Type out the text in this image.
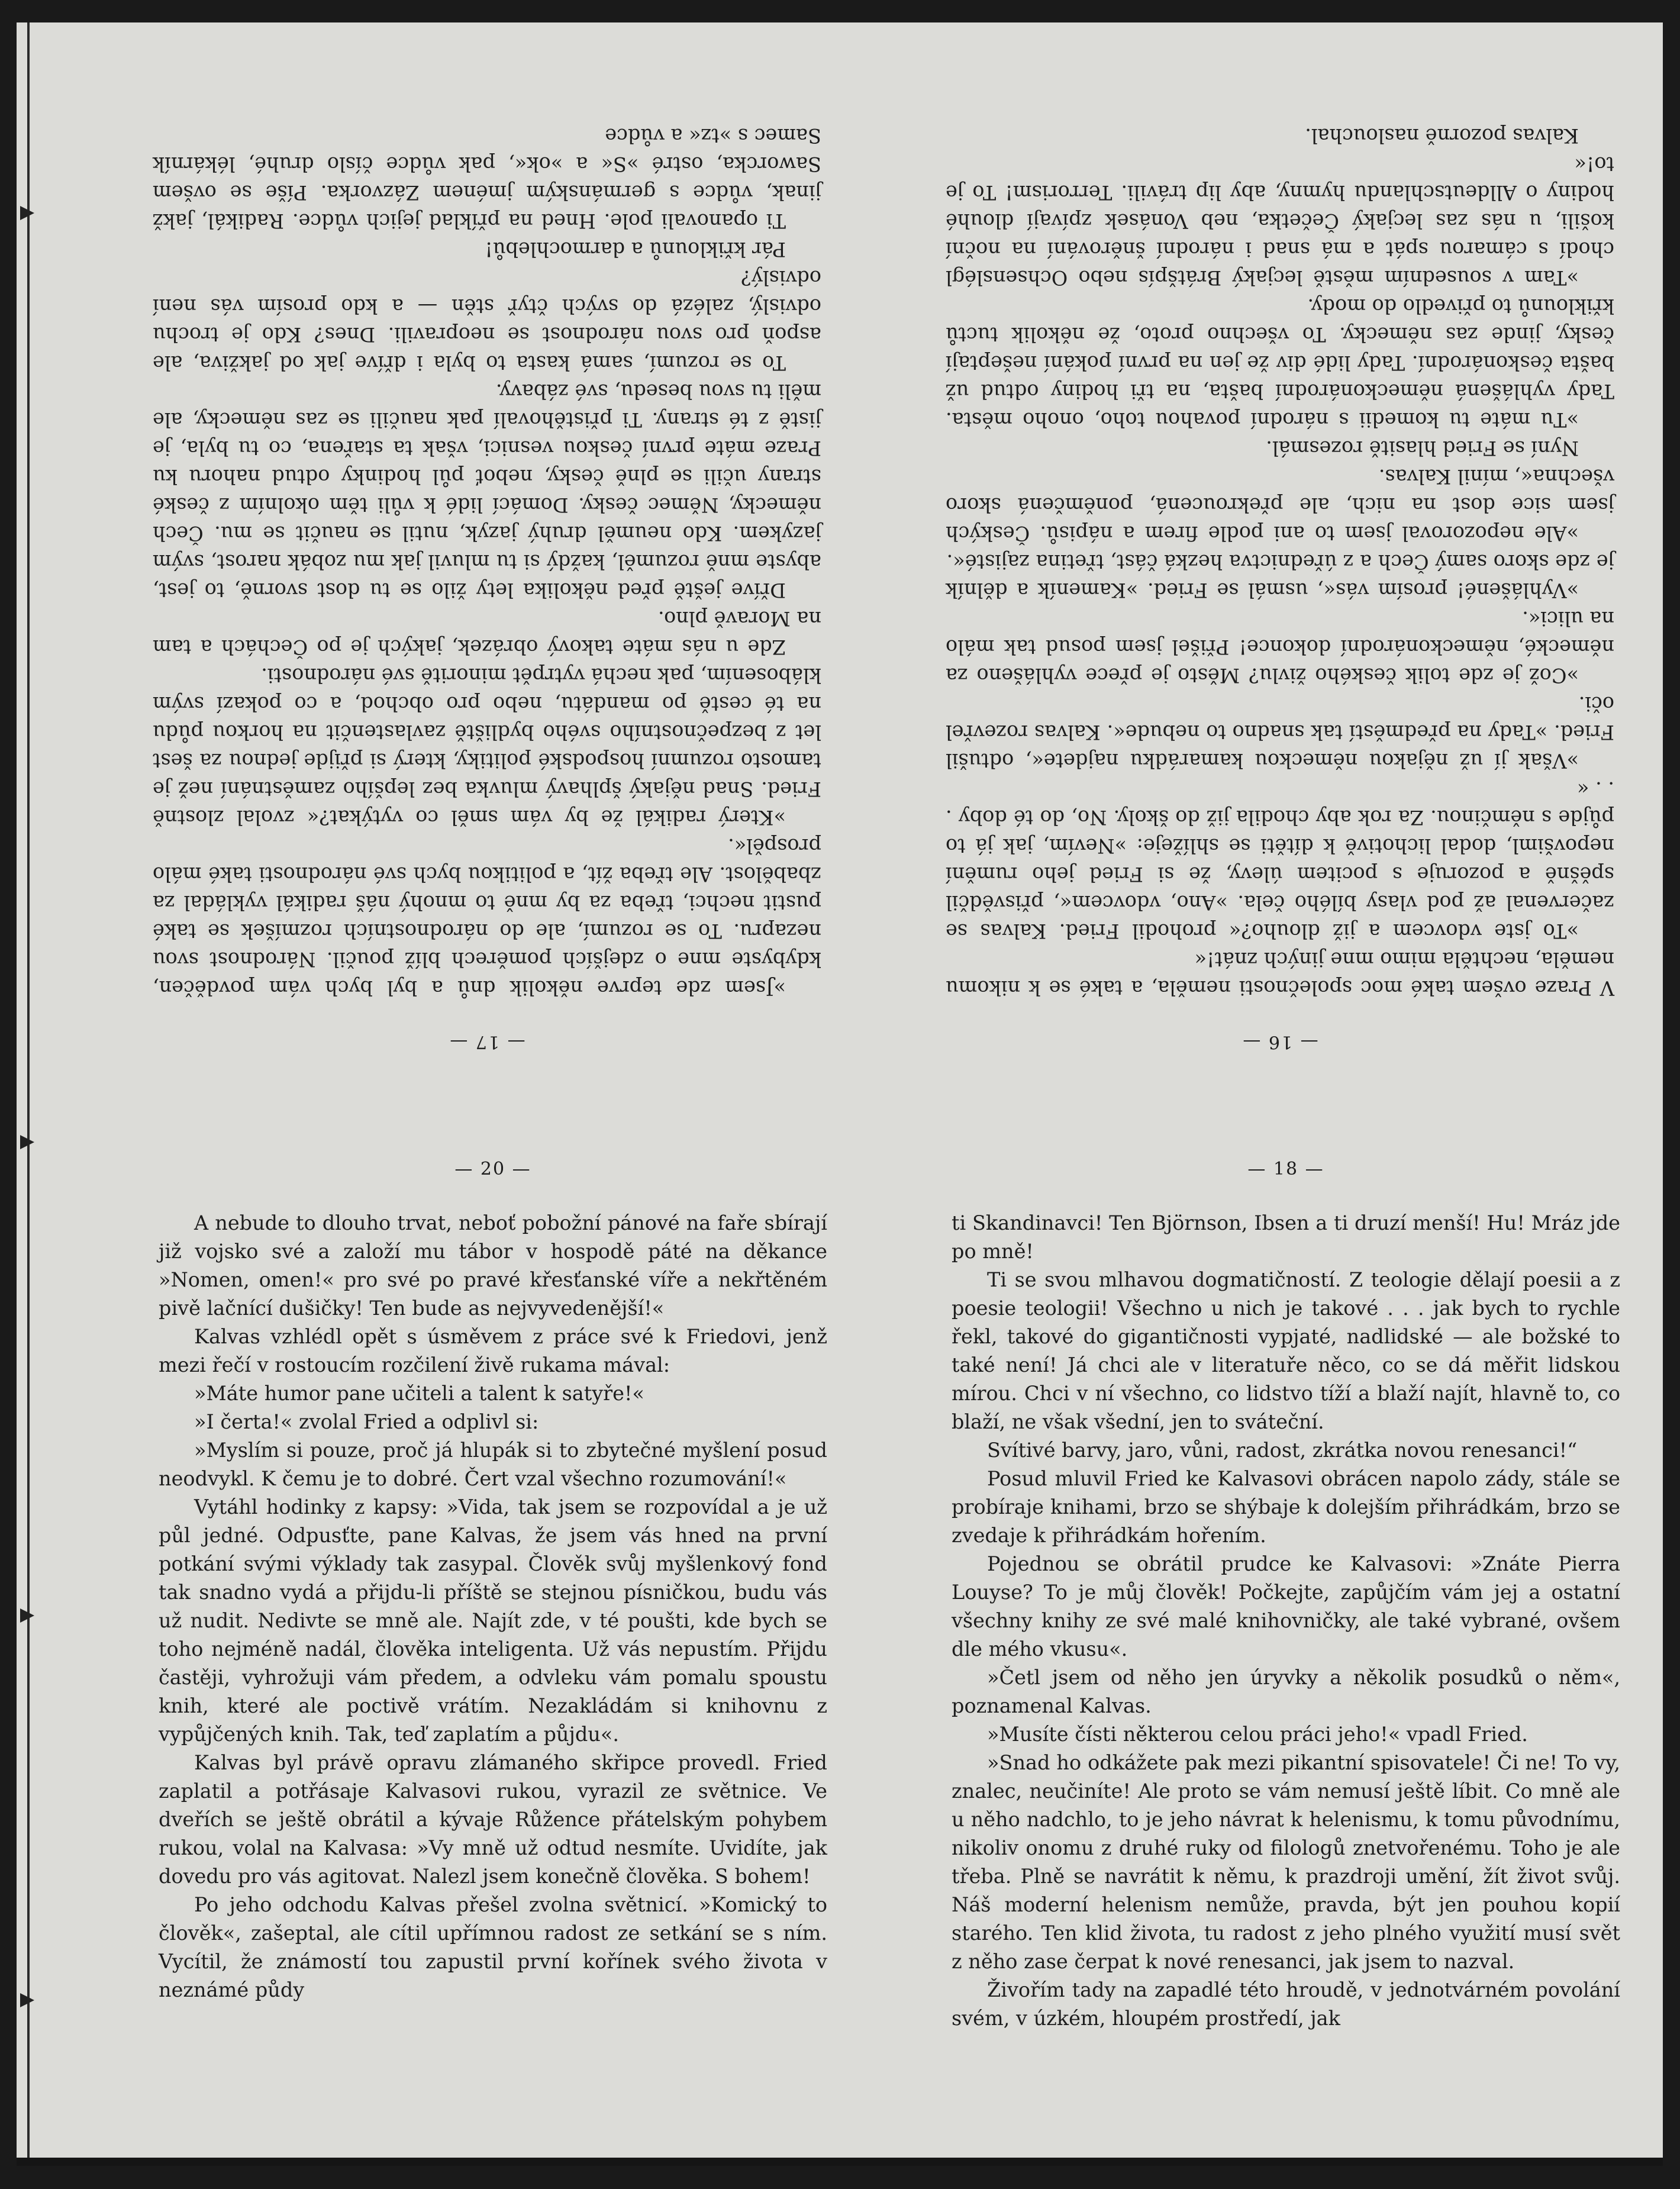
— 17 —

»Jsem zde teprve několik dnů a byl bych vám povděčen, kdybyste mne o zdejších poměrech blíž poučil. Národnost svou nezapru. To se rozumí, ale do národnostních rozmíšek se také pustit nechci, třeba za by mně to mnohý náš radikál vykládal za zbabělost. Ale třeba žít, a politikou bych své národnosti také málo prospěl«.

»Který radikál že by vám směl co vytýkat?« zvolal zlostně Fried. Snad nějaký šplhavý mluvka bez lepšího zaměstnání než je tamosto rozumní hospodské politiky, který si přijde jednou za šest let z bezpečnostního svého bydliště zavlastenčit na horkou půdu na té cestě po mandátu, nebo pro obchod, a co pokazí svým klábosením, pak nechá vytrpět minoritě své národnosti.

Zde u nás máte takový obrázek, jakých je po Čechách a tam na Moravě plno.

Dříve ještě před několika lety žilo se tu dost svorně, to jest, abyste mně rozuměl, každý si tu mluvil jak mu zobák narost, svým jazykem. Kdo neuměl druhý jazyk, nutil se naučit se mu. Čech německy, Němec česky. Domácí lidé k vůli těm okolním z české strany učili se plně česky, neboť půl hodinky odtud nahoru ku Praze máte první českou vesnici, však ta stařena, co tu byla, je jistě z té strany. Ti přistěhovalí pak naučili se zas německy, ale měli tu svou besedu, své zábavy.

To se rozumí, samá kasta to byla i dříve jak od jakživa, ale aspoň pro svou národnost se neopravili. Dnes? Kdo je trochu odvislý, zalézá do svých čtyř stěn — a kdo prosím vás není odvislý?

Pár křiklounů a darmochlebů!

Ti opanovali pole. Hned na příklad jejich vůdce. Radikál, jakž jinak, vůdce s germánským jménem Zázvorka. Píše se ovšem Saworcka, ostré »S« a »ok«, pak vůdce číslo druhé, lékárník Samec s »tz« a vůdce

— 16 —

V Praze ovšem také moc společnosti neměla, a také se k nikomu neměla, nechtěla mimo mne jiných znát!«

»To jste vdovcem a již dlouho?« prohodil Fried. Kalvas se začervenal až pod vlasy bílého čela. »Ano, vdovcem«, přisvědčil spěšně a pozoruje s pocitem úlevy, že si Fried jeho rumění nepovšiml, dodal lichotivě k dítěti se shlížeje: »Nevím, jak já to půjde s němčinou. Za rok aby chodila již do školy. No, do té doby . . . «

»Však jí už nějakou německou kamarádku najdete«, odtušil Fried. »Tady na předměstí tak snadno to nebude«. Kalvas rozevřel oči.

»Což je zde tolik českého živlu? Město je přece vyhlášeno za německé, německonárodní dokonce! Přišel jsem posud tak málo na ulici«.

»Vyhlášené! prosím vás«, usmál se Fried. »Kameník a dělník je zde skoro samý Čech a z úřednictva hezká část, třetina zajisté«.

»Ale nepozoroval jsem to ani podle firem a nápisů. Českých jsem sice dost na nich, ale překroucená, poněmčená skoro všechna«, mínil Kalvas.

Nyní se Fried hlasitě rozesmál.

»Tu máte tu komedii s národní povahou toho, onoho města. Tady vyhlášená německonárodní bašta, na tři hodiny odtud už bašta českonárodní. Tady lidé div že jen na první pokání nešeptají česky, jinde zas německy. To všechno proto, že několik tuctů křiklounů to přivedlo do mody.

»Tam v sousedním městě lecjaký Brátšpís nebo Ochsenslégl chodí s cámarou spát a má snad i národní šněrování na noční košili, u nás zas lecjaký Čečetka, neb Vonásek zpívají dlouhé hodiny o Alldeutschlandu hymny, aby lip trávili. Terrorism! To je to!«

Kalvas pozorně naslouchal.

— 20 —

A nebude to dlouho trvat, neboť pobožní pánové na faře sbírají již vojsko své a založí mu tábor v hospodě páté na děkance »Nomen, omen!« pro své po pravé křesťanské víře a nekřtěném pivě lačnící dušičky! Ten bude as nejvyvedenější!«

Kalvas vzhlédl opět s úsměvem z práce své k Friedovi, jenž mezi řečí v rostoucím rozčilení živě rukama mával:

»Máte humor pane učiteli a talent k satyře!«

»I čerta!« zvolal Fried a odplivl si:

»Myslím si pouze, proč já hlupák si to zbytečné myšlení posud neodvykl. K čemu je to dobré. Čert vzal všechno rozumování!«

Vytáhl hodinky z kapsy: »Vida, tak jsem se rozpovídal a je už půl jedné. Odpusťte, pane Kalvas, že jsem vás hned na první potkání svými výklady tak zasypal. Člověk svůj myšlenkový fond tak snadno vydá a přijdu-li příště se stejnou písničkou, budu vás už nudit. Nedivte se mně ale. Najít zde, v té poušti, kde bych se toho nejméně nadál, člověka inteligenta. Už vás nepustím. Přijdu častěji, vyhrožuji vám předem, a odvleku vám pomalu spoustu knih, které ale poctivě vrátím. Nezakládám si knihovnu z vypůjčených knih. Tak, teď zaplatím a půjdu«.

Kalvas byl právě opravu zlámaného skřipce provedl. Fried zaplatil a potřásaje Kalvasovi rukou, vyrazil ze světnice. Ve dveřích se ještě obrátil a kývaje Růžence přátelským pohybem rukou, volal na Kalvasa: »Vy mně už odtud nesmíte. Uvidíte, jak dovedu pro vás agitovat. Nalezl jsem konečně člověka. S bohem!

Po jeho odchodu Kalvas přešel zvolna světnicí. »Komický to člověk«, zašeptal, ale cítil upřímnou radost ze setkání se s ním. Vycítil, že známostí tou zapustil první kořínek svého života v neznámé půdy

— 18 —

ti Skandinavci! Ten Björnson, Ibsen a ti druzí menší! Hu! Mráz jde po mně!

Ti se svou mlhavou dogmatičností. Z teologie dělají poesii a z poesie teologii! Všechno u nich je takové . . . jak bych to rychle řekl, takové do gigantičnosti vypjaté, nadlidské — ale božské to také není! Já chci ale v literatuře něco, co se dá měřit lidskou mírou. Chci v ní všechno, co lidstvo tíží a blaží najít, hlavně to, co blaží, ne však všední, jen to sváteční.

Svítivé barvy, jaro, vůni, radost, zkrátka novou renesanci!“

Posud mluvil Fried ke Kalvasovi obrácen napolo zády, stále se probíraje knihami, brzo se shýbaje k dolejším přihrádkám, brzo se zvedaje k přihrádkám hořením.

Pojednou se obrátil prudce ke Kalvasovi: »Znáte Pierra Louyse? To je můj člověk! Počkejte, zapůjčím vám jej a ostatní všechny knihy ze své malé knihovničky, ale také vybrané, ovšem dle mého vkusu«.

»Četl jsem od něho jen úryvky a několik posudků o něm«, poznamenal Kalvas.

»Musíte čísti některou celou práci jeho!« vpadl Fried.

»Snad ho odkážete pak mezi pikantní spisovatele! Či ne! To vy, znalec, neučiníte! Ale proto se vám nemusí ještě líbit. Co mně ale u něho nadchlo, to je jeho návrat k helenismu, k tomu původnímu, nikoliv onomu z druhé ruky od filologů znetvořenému. Toho je ale třeba. Plně se navrátit k němu, k prazdroji umění, žít život svůj. Náš moderní helenism nemůže, pravda, být jen pouhou kopií starého. Ten klid života, tu radost z jeho plného využití musí svět z něho zase čerpat k nové renesanci, jak jsem to nazval.

Živořím tady na zapadlé této hroudě, v jednotvárném povolání svém, v úzkém, hloupém prostředí, jak
